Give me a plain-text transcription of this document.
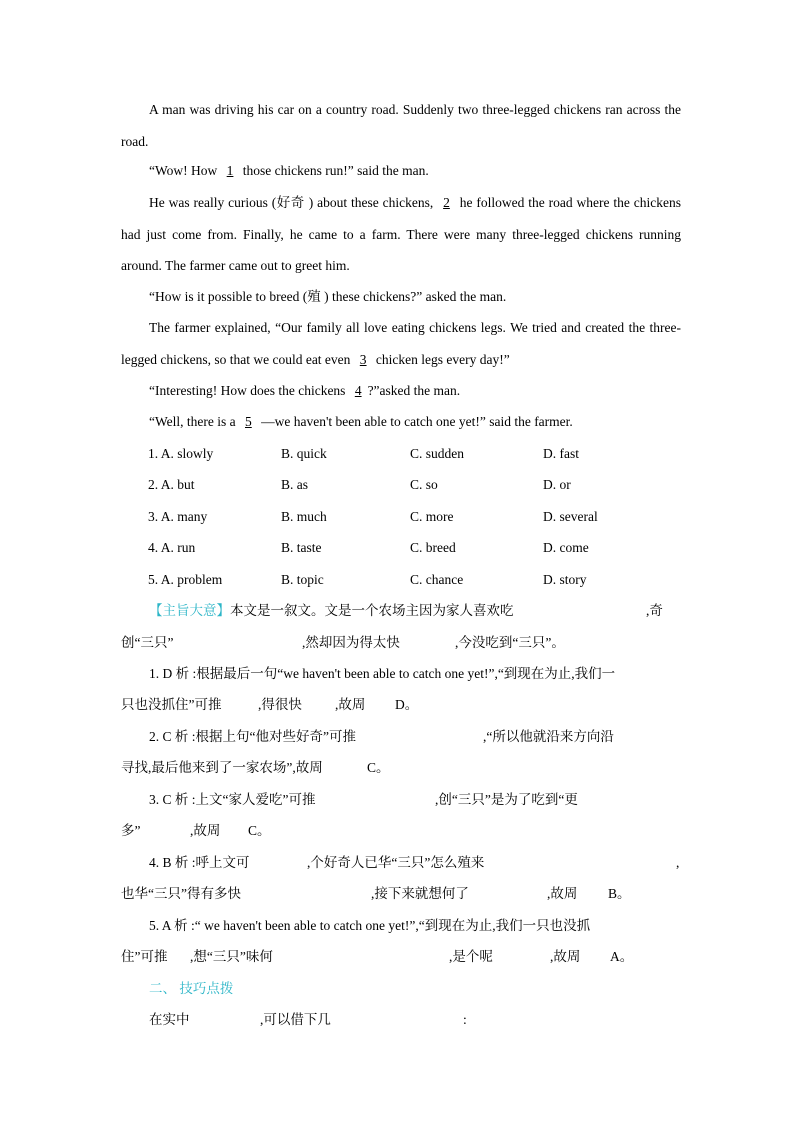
A man was driving his car on a country road. Suddenly two three-legged chickens ran across the road.

“Wow! How 1 those chickens run!” said the man.

He was really curious (好奇 ) about these chickens, 2 he followed the road where the chickens had just come from. Finally, he came to a farm. There were many three-legged chickens running around. The farmer came out to greet him.

“How is it possible to breed (殖 ) these chickens?” asked the man.

The farmer explained, “Our family all love eating chickens legs. We tried and created the three-legged chickens, so that we could eat even 3 chicken legs every day!”

“Interesting! How does the chickens 4 ?”asked the man.

“Well, there is a 5 —we haven't been able to catch one yet!” said the farmer.

1. A. slowly	B. quick	C. sudden	D. fast
2. A. but	B. as	C. so	D. or
3. A. many	B. much	C. more	D. several
4. A. run	B. taste	C. breed	D. come
5. A. problem	B. topic	C. chance	D. story

【主旨大意】本文是一叙文。文是一个农场主因为家人喜欢吃	,奇
创“三只”	,然却因为得太快	,今没吃到“三只”。
1. D 析 :根据最后一句“we haven't been able to catch one yet!”,“到现在为止,我们一
只也没抓住”可推	,得很快 ,故周 D。
2. C 析 :根据上句“他对些好奇”可推	,“所以他就沿来方向沿
寻找,最后他来到了一家农场”,故周	C。
3. C 析 :上文“家人爱吃”可推	,创“三只”是为了吃到“更
多”	,故周 C。
4. B 析 :呼上文可	,个好奇人已华“三只”怎么殖来	,
也华“三只”得有多快	,接下来就想何了	,故周 B。
5. A 析 :“ we haven't been able to catch one yet!”,“到现在为止,我们一只也没抓
住”可推 ,想“三只”味何	,是个呢	,故周 A。
二、 技巧点拨
在实中	,可以借下几	:
